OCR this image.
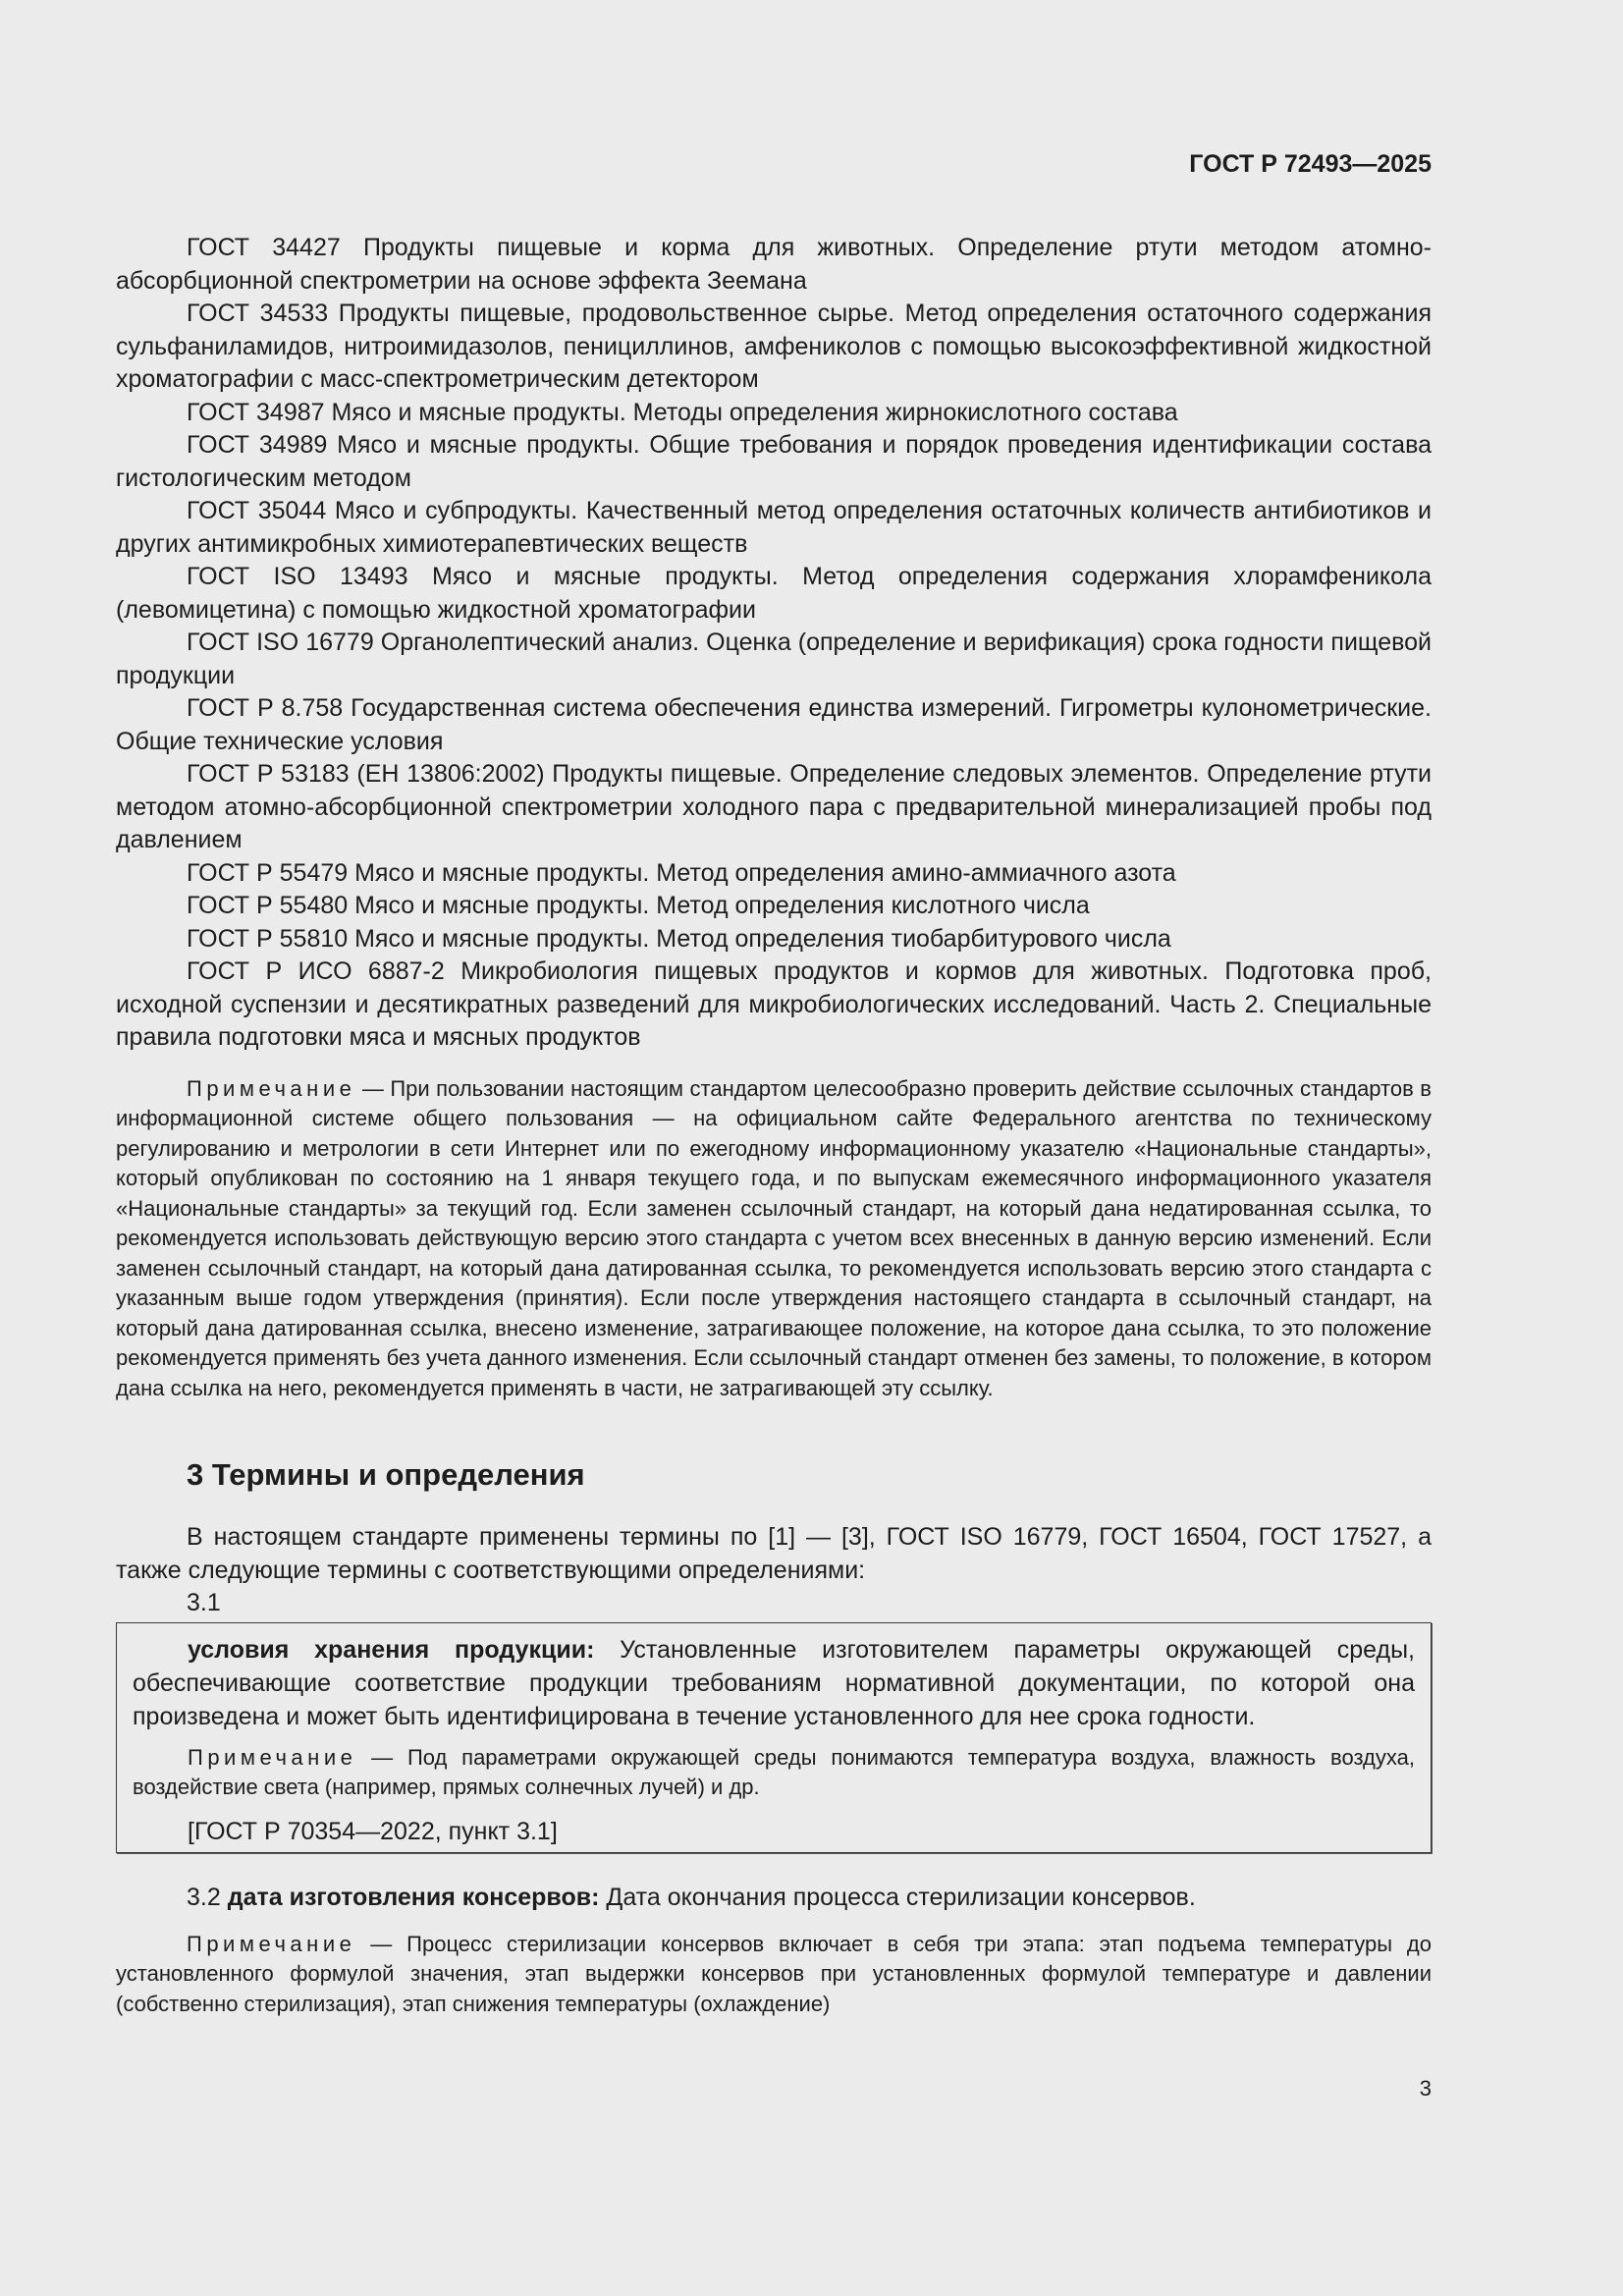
ГОСТ Р 72493—2025

ГОСТ 34427 Продукты пищевые и корма для животных. Определение ртути методом атомно-абсорбционной спектрометрии на основе эффекта Зеемана

ГОСТ 34533 Продукты пищевые, продовольственное сырье. Метод определения остаточного содержания сульфаниламидов, нитроимидазолов, пенициллинов, амфениколов с помощью высокоэффективной жидкостной хроматографии с масс-спектрометрическим детектором

ГОСТ 34987 Мясо и мясные продукты. Методы определения жирнокислотного состава

ГОСТ 34989 Мясо и мясные продукты. Общие требования и порядок проведения идентификации состава гистологическим методом

ГОСТ 35044 Мясо и субпродукты. Качественный метод определения остаточных количеств антибиотиков и других антимикробных химиотерапевтических веществ

ГОСТ ISO 13493 Мясо и мясные продукты. Метод определения содержания хлорамфеникола (левомицетина) с помощью жидкостной хроматографии

ГОСТ ISO 16779 Органолептический анализ. Оценка (определение и верификация) срока годности пищевой продукции

ГОСТ Р 8.758 Государственная система обеспечения единства измерений. Гигрометры кулонометрические. Общие технические условия

ГОСТ Р 53183 (ЕН 13806:2002) Продукты пищевые. Определение следовых элементов. Определение ртути методом атомно-абсорбционной спектрометрии холодного пара с предварительной минерализацией пробы под давлением

ГОСТ Р 55479 Мясо и мясные продукты. Метод определения амино-аммиачного азота

ГОСТ Р 55480 Мясо и мясные продукты. Метод определения кислотного числа

ГОСТ Р 55810 Мясо и мясные продукты. Метод определения тиобарбитурового числа

ГОСТ Р ИСО 6887-2 Микробиология пищевых продуктов и кормов для животных. Подготовка проб, исходной суспензии и десятикратных разведений для микробиологических исследований. Часть 2. Специальные правила подготовки мяса и мясных продуктов

Примечание — При пользовании настоящим стандартом целесообразно проверить действие ссылочных стандартов в информационной системе общего пользования — на официальном сайте Федерального агентства по техническому регулированию и метрологии в сети Интернет или по ежегодному информационному указателю «Национальные стандарты», который опубликован по состоянию на 1 января текущего года, и по выпускам ежемесячного информационного указателя «Национальные стандарты» за текущий год. Если заменен ссылочный стандарт, на который дана недатированная ссылка, то рекомендуется использовать действующую версию этого стандарта с учетом всех внесенных в данную версию изменений. Если заменен ссылочный стандарт, на который дана датированная ссылка, то рекомендуется использовать версию этого стандарта с указанным выше годом утверждения (принятия). Если после утверждения настоящего стандарта в ссылочный стандарт, на который дана датированная ссылка, внесено изменение, затрагивающее положение, на которое дана ссылка, то это положение рекомендуется применять без учета данного изменения. Если ссылочный стандарт отменен без замены, то положение, в котором дана ссылка на него, рекомендуется применять в части, не затрагивающей эту ссылку.

3 Термины и определения

В настоящем стандарте применены термины по [1] — [3], ГОСТ ISO 16779, ГОСТ 16504, ГОСТ 17527, а также следующие термины с соответствующими определениями:

3.1

условия хранения продукции: Установленные изготовителем параметры окружающей среды, обеспечивающие соответствие продукции требованиям нормативной документации, по которой она произведена и может быть идентифицирована в течение установленного для нее срока годности.

Примечание — Под параметрами окружающей среды понимаются температура воздуха, влажность воздуха, воздействие света (например, прямых солнечных лучей) и др.

[ГОСТ Р 70354—2022, пункт 3.1]

3.2 дата изготовления консервов: Дата окончания процесса стерилизации консервов.

Примечание — Процесс стерилизации консервов включает в себя три этапа: этап подъема температуры до установленного формулой значения, этап выдержки консервов при установленных формулой температуре и давлении (собственно стерилизация), этап снижения температуры (охлаждение)

3
